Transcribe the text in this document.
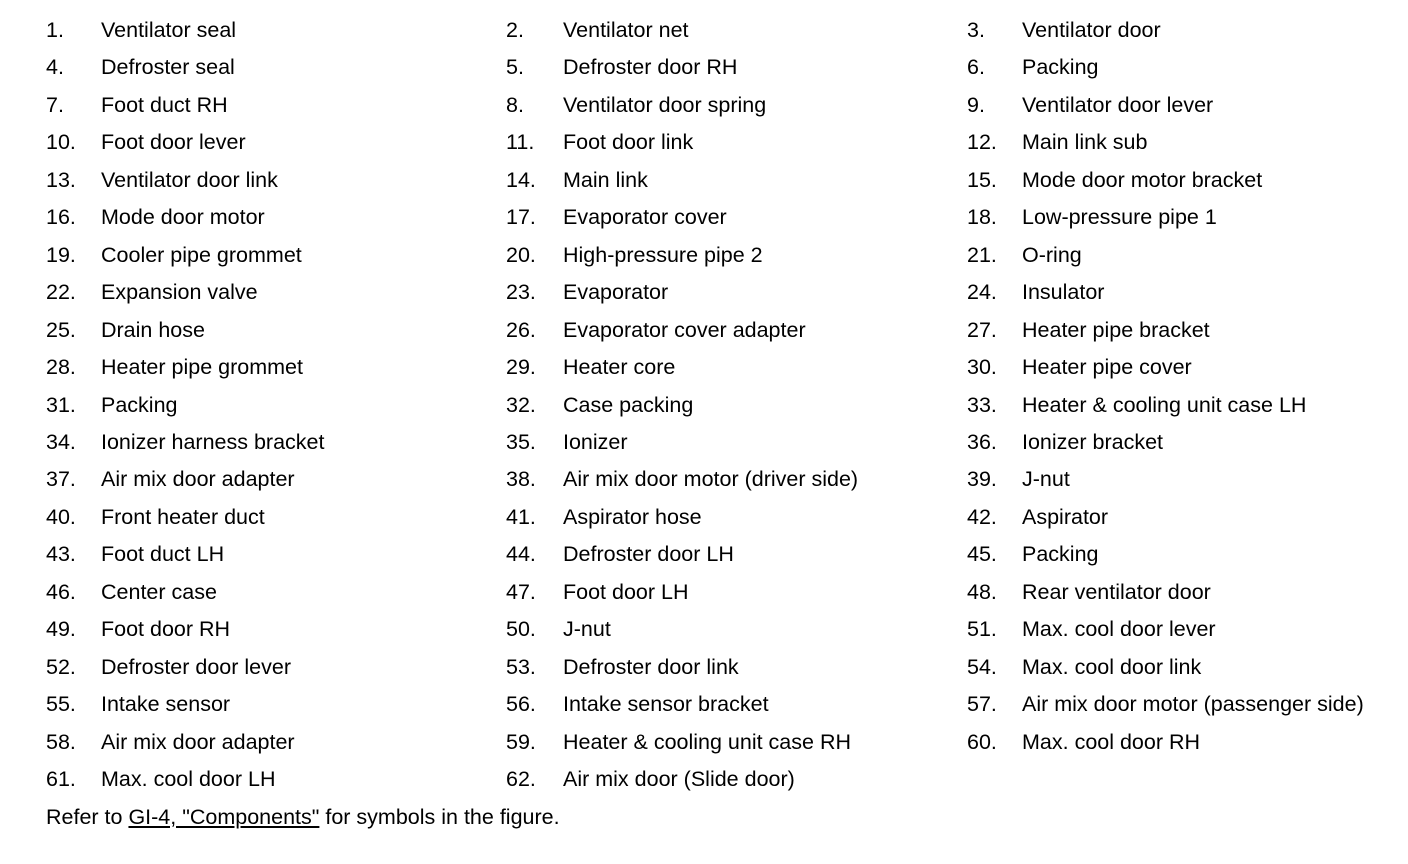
1. Ventilator seal	2. Ventilator net	3. Ventilator door
4. Defroster seal	5. Defroster door RH	6. Packing
7. Foot duct RH	8. Ventilator door spring	9. Ventilator door lever
10. Foot door lever	11. Foot door link	12. Main link sub
13. Ventilator door link	14. Main link	15. Mode door motor bracket
16. Mode door motor	17. Evaporator cover	18. Low-pressure pipe 1
19. Cooler pipe grommet	20. High-pressure pipe 2	21. O-ring
22. Expansion valve	23. Evaporator	24. Insulator
25. Drain hose	26. Evaporator cover adapter	27. Heater pipe bracket
28. Heater pipe grommet	29. Heater core	30. Heater pipe cover
31. Packing	32. Case packing	33. Heater & cooling unit case LH
34. Ionizer harness bracket	35. Ionizer	36. Ionizer bracket
37. Air mix door adapter	38. Air mix door motor (driver side)	39. J-nut
40. Front heater duct	41. Aspirator hose	42. Aspirator
43. Foot duct LH	44. Defroster door LH	45. Packing
46. Center case	47. Foot door LH	48. Rear ventilator door
49. Foot door RH	50. J-nut	51. Max. cool door lever
52. Defroster door lever	53. Defroster door link	54. Max. cool door link
55. Intake sensor	56. Intake sensor bracket	57. Air mix door motor (passenger side)
58. Air mix door adapter	59. Heater & cooling unit case RH	60. Max. cool door RH
61. Max. cool door LH	62. Air mix door (Slide door)
Refer to GI-4, "Components" for symbols in the figure.
